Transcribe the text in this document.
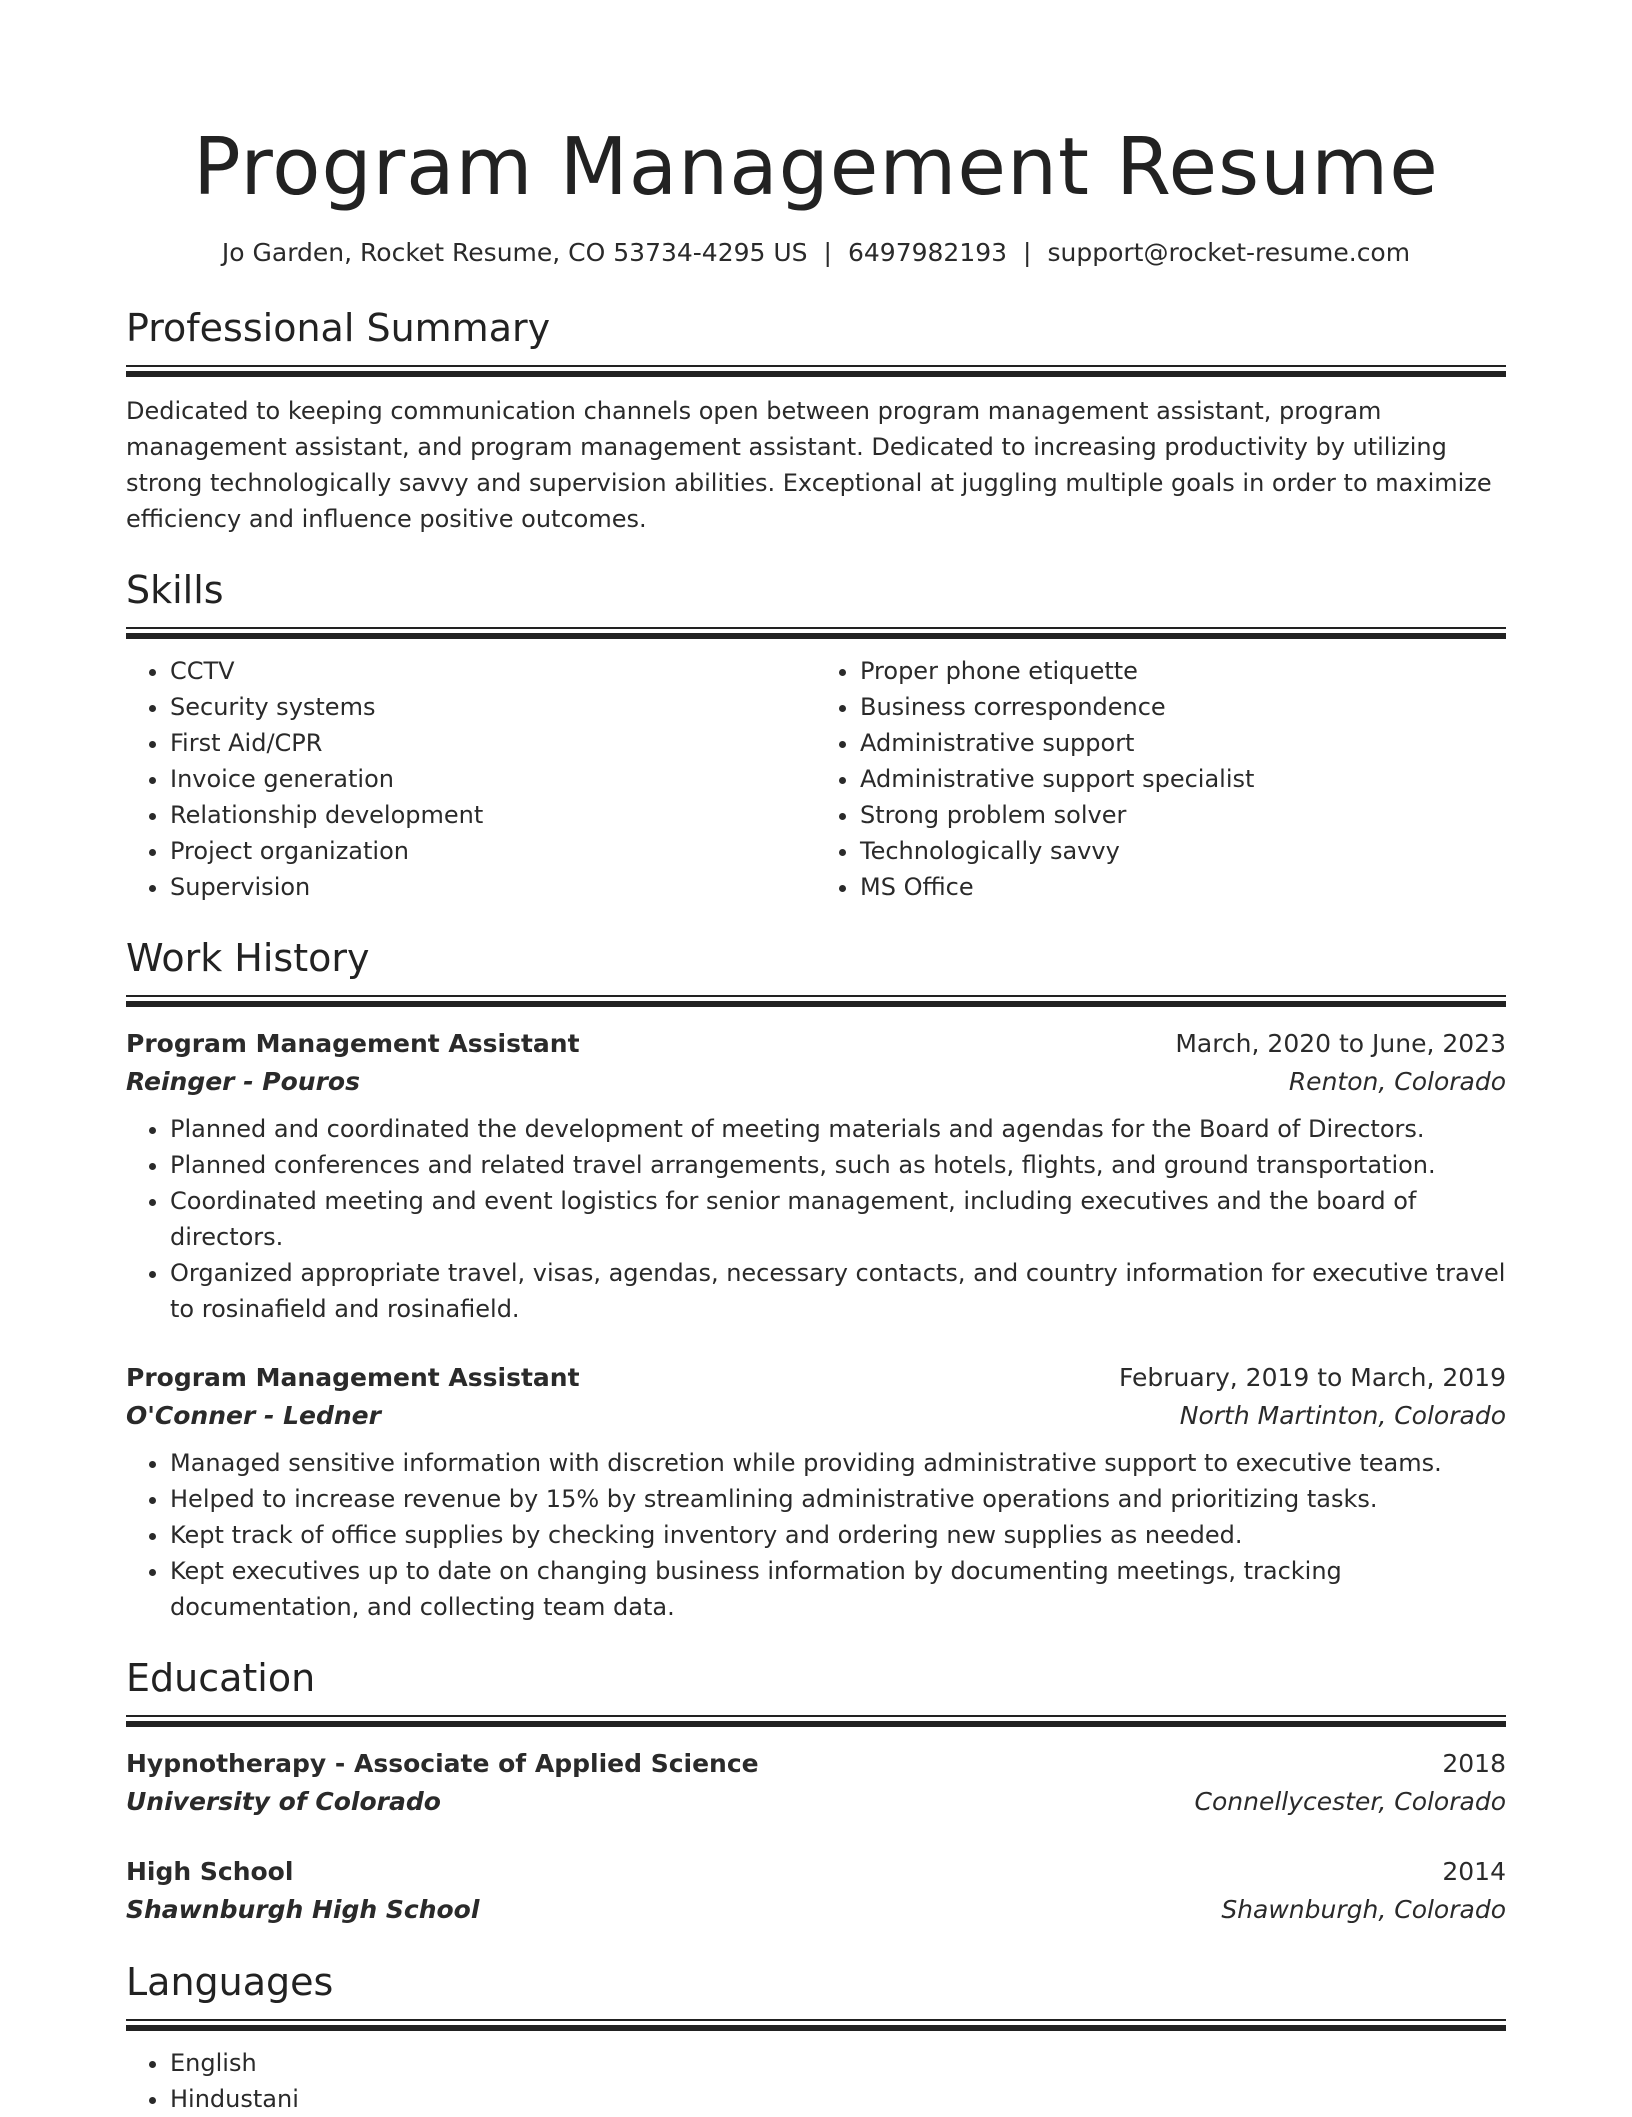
Program Management Resume
Jo Garden, Rocket Resume, CO 53734-4295 US | 6497982193 | support@rocket-resume.com
Professional Summary
Dedicated to keeping communication channels open between program management assistant, program management assistant, and program management assistant. Dedicated to increasing productivity by utilizing strong technologically savvy and supervision abilities. Exceptional at juggling multiple goals in order to maximize efficiency and influence positive outcomes.
Skills
• CCTV
• Security systems
• First Aid/CPR
• Invoice generation
• Relationship development
• Project organization
• Supervision
• Proper phone etiquette
• Business correspondence
• Administrative support
• Administrative support specialist
• Strong problem solver
• Technologically savvy
• MS Office
Work History
Program Management Assistant	March, 2020 to June, 2023
Reinger - Pouros	Renton, Colorado
• Planned and coordinated the development of meeting materials and agendas for the Board of Directors.
• Planned conferences and related travel arrangements, such as hotels, flights, and ground transportation.
• Coordinated meeting and event logistics for senior management, including executives and the board of directors.
• Organized appropriate travel, visas, agendas, necessary contacts, and country information for executive travel to rosinafield and rosinafield.
Program Management Assistant	February, 2019 to March, 2019
O'Conner - Ledner	North Martinton, Colorado
• Managed sensitive information with discretion while providing administrative support to executive teams.
• Helped to increase revenue by 15% by streamlining administrative operations and prioritizing tasks.
• Kept track of office supplies by checking inventory and ordering new supplies as needed.
• Kept executives up to date on changing business information by documenting meetings, tracking documentation, and collecting team data.
Education
Hypnotherapy - Associate of Applied Science	2018
University of Colorado	Connellycester, Colorado
High School	2014
Shawnburgh High School	Shawnburgh, Colorado
Languages
• English
• Hindustani
